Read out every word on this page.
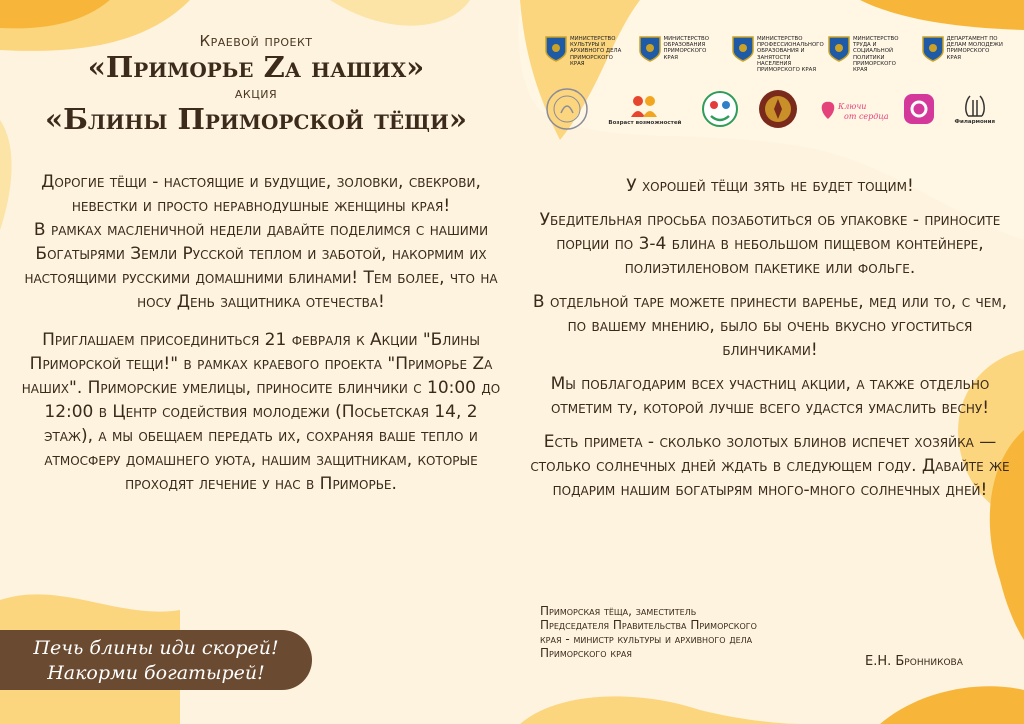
Краевой проект
«Приморье Zа наших»
акция
«Блины Приморской тёщи»

Дорогие тёщи - настоящие и будущие, золовки, свекрови, невестки и просто неравнодушные женщины края!

В рамках масленичной недели давайте поделимся с нашими Богатырями Земли Русской теплом и заботой, накормим их настоящими русскими домашними блинами! Тем более, что на носу День защитника отечества!

Приглашаем присоединиться 21 февраля к Акции "Блины Приморской тещи!" в рамках краевого проекта "Приморье Zа наших". Приморские умелицы, приносите блинчики с 10:00 до 12:00 в Центр содействия молодежи (Посьетская 14, 2 этаж), а мы обещаем передать их, сохраняя ваше тепло и атмосферу домашнего уюта, нашим защитникам, которые проходят лечение у нас в Приморье.

Печь блины иди скорей!
Накорми богатырей!
МИНИСТЕРСТВО КУЛЬТУРЫ И АРХИВНОГО ДЕЛА ПРИМОРСКОГО КРАЯ
МИНИСТЕРСТВО ОБРАЗОВАНИЯ ПРИМОРСКОГО КРАЯ
МИНИСТЕРСТВО ПРОФЕССИОНАЛЬНОГО ОБРАЗОВАНИЯ И ЗАНЯТОСТИ НАСЕЛЕНИЯ ПРИМОРСКОГО КРАЯ
МИНИСТЕРСТВО ТРУДА И СОЦИАЛЬНОЙ ПОЛИТИКИ ПРИМОРСКОГО КРАЯ
ДЕПАРТАМЕНТ ПО ДЕЛАМ МОЛОДЕЖИ ПРИМОРСКОГО КРАЯ
Возраст возможностей
Ключи
от сердца
Филармония

У хорошей тёщи зять не будет тощим!

Убедительная просьба позаботиться об упаковке - приносите порции по 3-4 блина в небольшом пищевом контейнере, полиэтиленовом пакетике или фольге.

В отдельной таре можете принести варенье, мед или то, с чем, по вашему мнению, было бы очень вкусно угоститься блинчиками!

Мы поблагодарим всех участниц акции, а также отдельно отметим ту, которой лучше всего удастся умаслить весну!

Есть примета - сколько золотых блинов испечет хозяйка — столько солнечных дней ждать в следующем году. Давайте же подарим нашим богатырям много-много солнечных дней!

Приморская тёща, заместитель Председателя Правительства Приморского края - министр культуры и архивного дела Приморского края
Е.Н. Бронникова
